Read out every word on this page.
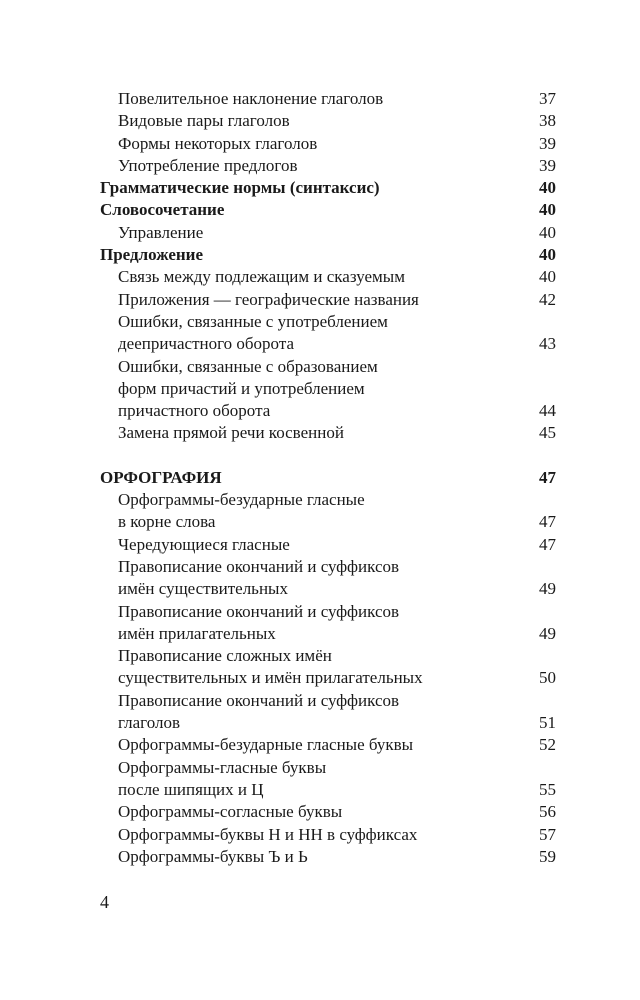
Повелительное наклонение глаголов	37
Видовые пары глаголов	38
Формы некоторых глаголов	39
Употребление предлогов	39
Грамматические нормы (синтаксис)	40
Словосочетание	40
Управление	40
Предложение	40
Связь между подлежащим и сказуемым	40
Приложения — географические названия	42
Ошибки, связанные с употреблением
деепричастного оборота	43
Ошибки, связанные с образованием
форм причастий и употреблением
причастного оборота	44
Замена прямой речи косвенной	45
ОРФОГРАФИЯ	47
Орфограммы-безударные гласные
в корне слова	47
Чередующиеся гласные	47
Правописание окончаний и суффиксов
имён существительных	49
Правописание окончаний и суффиксов
имён прилагательных	49
Правописание сложных имён
существительных и имён прилагательных	50
Правописание окончаний и суффиксов
глаголов	51
Орфограммы-безударные гласные буквы	52
Орфограммы-гласные буквы
после шипящих и Ц	55
Орфограммы-согласные буквы	56
Орфограммы-буквы Н и НН в суффиксах	57
Орфограммы-буквы Ъ и Ь	59
4
